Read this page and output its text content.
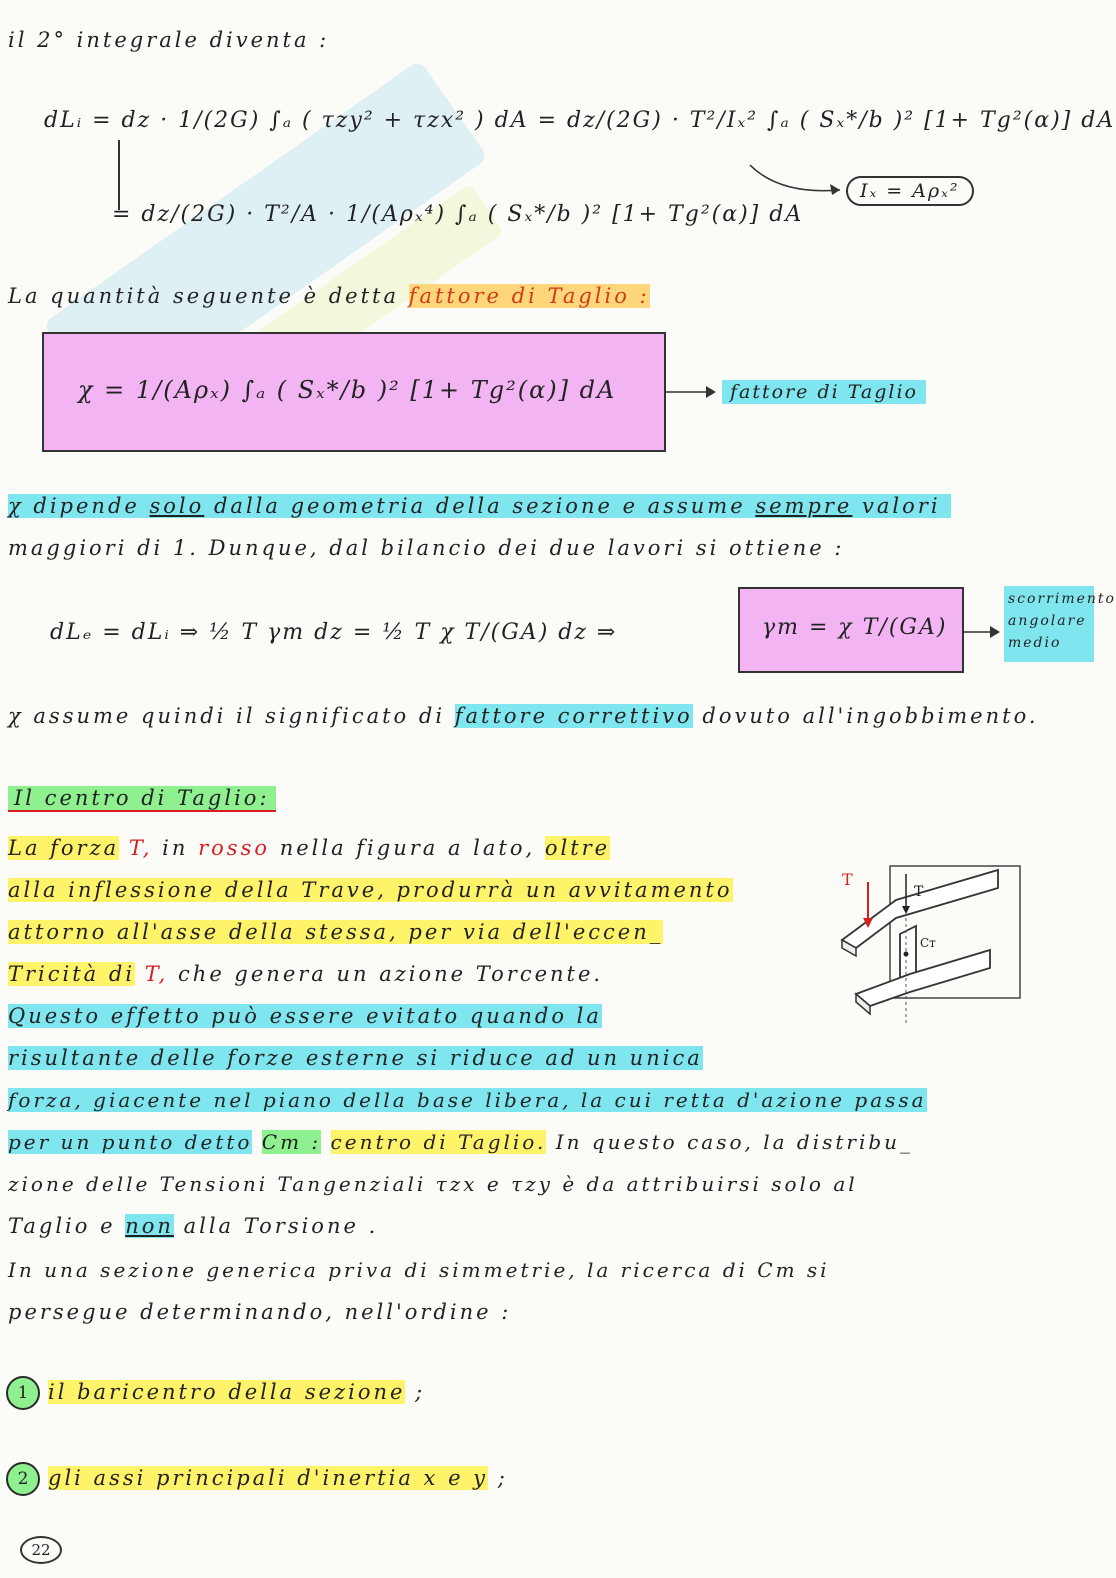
il 2° integrale diventa :
dLᵢ = dz · 1/(2G) ∫ₐ ( τzy² + τzx² ) dA = dz/(2G) · T²/Iₓ² ∫ₐ ( Sₓ*/b )² [1+ Tg²(α)] dA
= dz/(2G) · T²/A · 1/(Aρₓ⁴) ∫ₐ ( Sₓ*/b )² [1+ Tg²(α)] dA
Iₓ = Aρₓ²
La quantità seguente è detta fattore di Taglio :
χ = 1/(Aρₓ) ∫ₐ ( Sₓ*/b )² [1+ Tg²(α)] dA	fattore di Taglio
χ dipende solo dalla geometria della sezione e assume sempre valori
maggiori di 1. Dunque, dal bilancio dei due lavori si ottiene :
dLₑ = dLᵢ ⇒ ½ T γm dz = ½ T χ T/(GA) dz ⇒	γm = χ T/(GA)
scorrimento angolare medio
χ assume quindi il significato di fattore correttivo dovuto all'ingobbimento.
Il centro di Taglio:
La forza T, in rosso nella figura a lato, oltre
alla inflessione della Trave, produrrà un avvitamento
attorno all'asse della stessa, per via dell'eccen_
Tricità di T, che genera un azione Torcente.
Questo effetto può essere evitato quando la
risultante delle forze esterne si riduce ad un unica
forza, giacente nel piano della base libera, la cui retta d'azione passa
per un punto detto Cт : centro di Taglio. In questo caso, la distribu_
zione delle Tensioni Tangenziali τzx e τzy è da attribuirsi solo al
Taglio e non alla Torsione .
In una sezione generica priva di simmetrie, la ricerca di Cт si
persegue determinando, nell'ordine :
1 il baricentro della sezione ;
2 gli assi principali d'inertia x e y ;
22
T
T
Cт
